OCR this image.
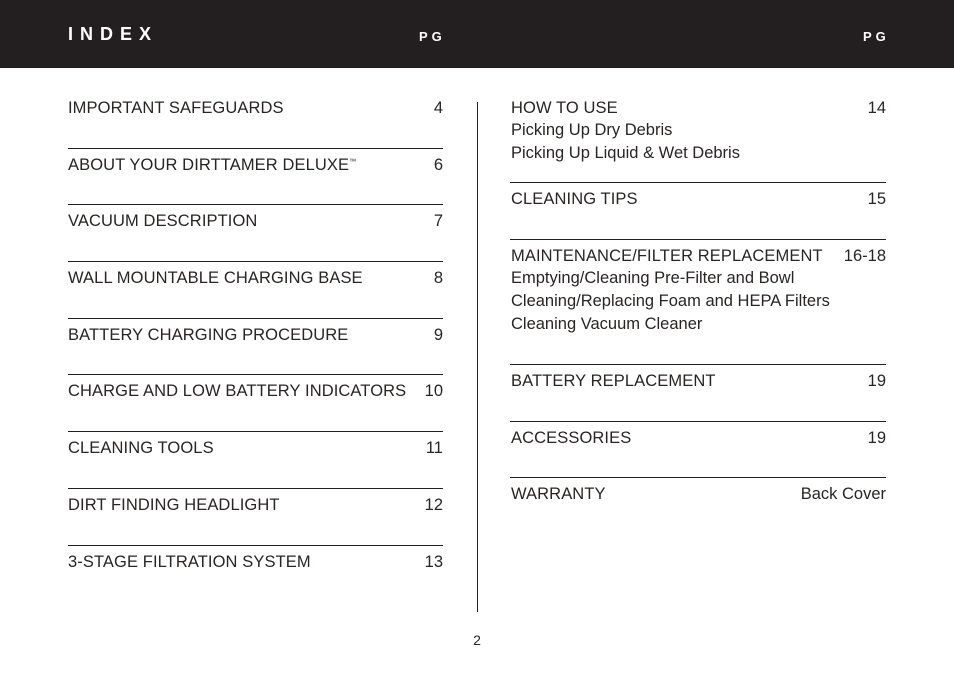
INDEX	PG	PG
IMPORTANT SAFEGUARDS	4
ABOUT YOUR DIRTTAMER DELUXE™	6
VACUUM DESCRIPTION	7
WALL MOUNTABLE CHARGING BASE	8
BATTERY CHARGING PROCEDURE	9
CHARGE AND LOW BATTERY INDICATORS 10
CLEANING TOOLS	11
DIRT FINDING HEADLIGHT	12
3-STAGE FILTRATION SYSTEM	13
HOW TO USE	14
Picking Up Dry Debris
Picking Up Liquid & Wet Debris
CLEANING TIPS	15
MAINTENANCE/FILTER REPLACEMENT 16-18
Emptying/Cleaning Pre-Filter and Bowl
Cleaning/Replacing Foam and HEPA Filters
Cleaning Vacuum Cleaner
BATTERY REPLACEMENT	19
ACCESSORIES	19
WARRANTY	Back Cover
2
